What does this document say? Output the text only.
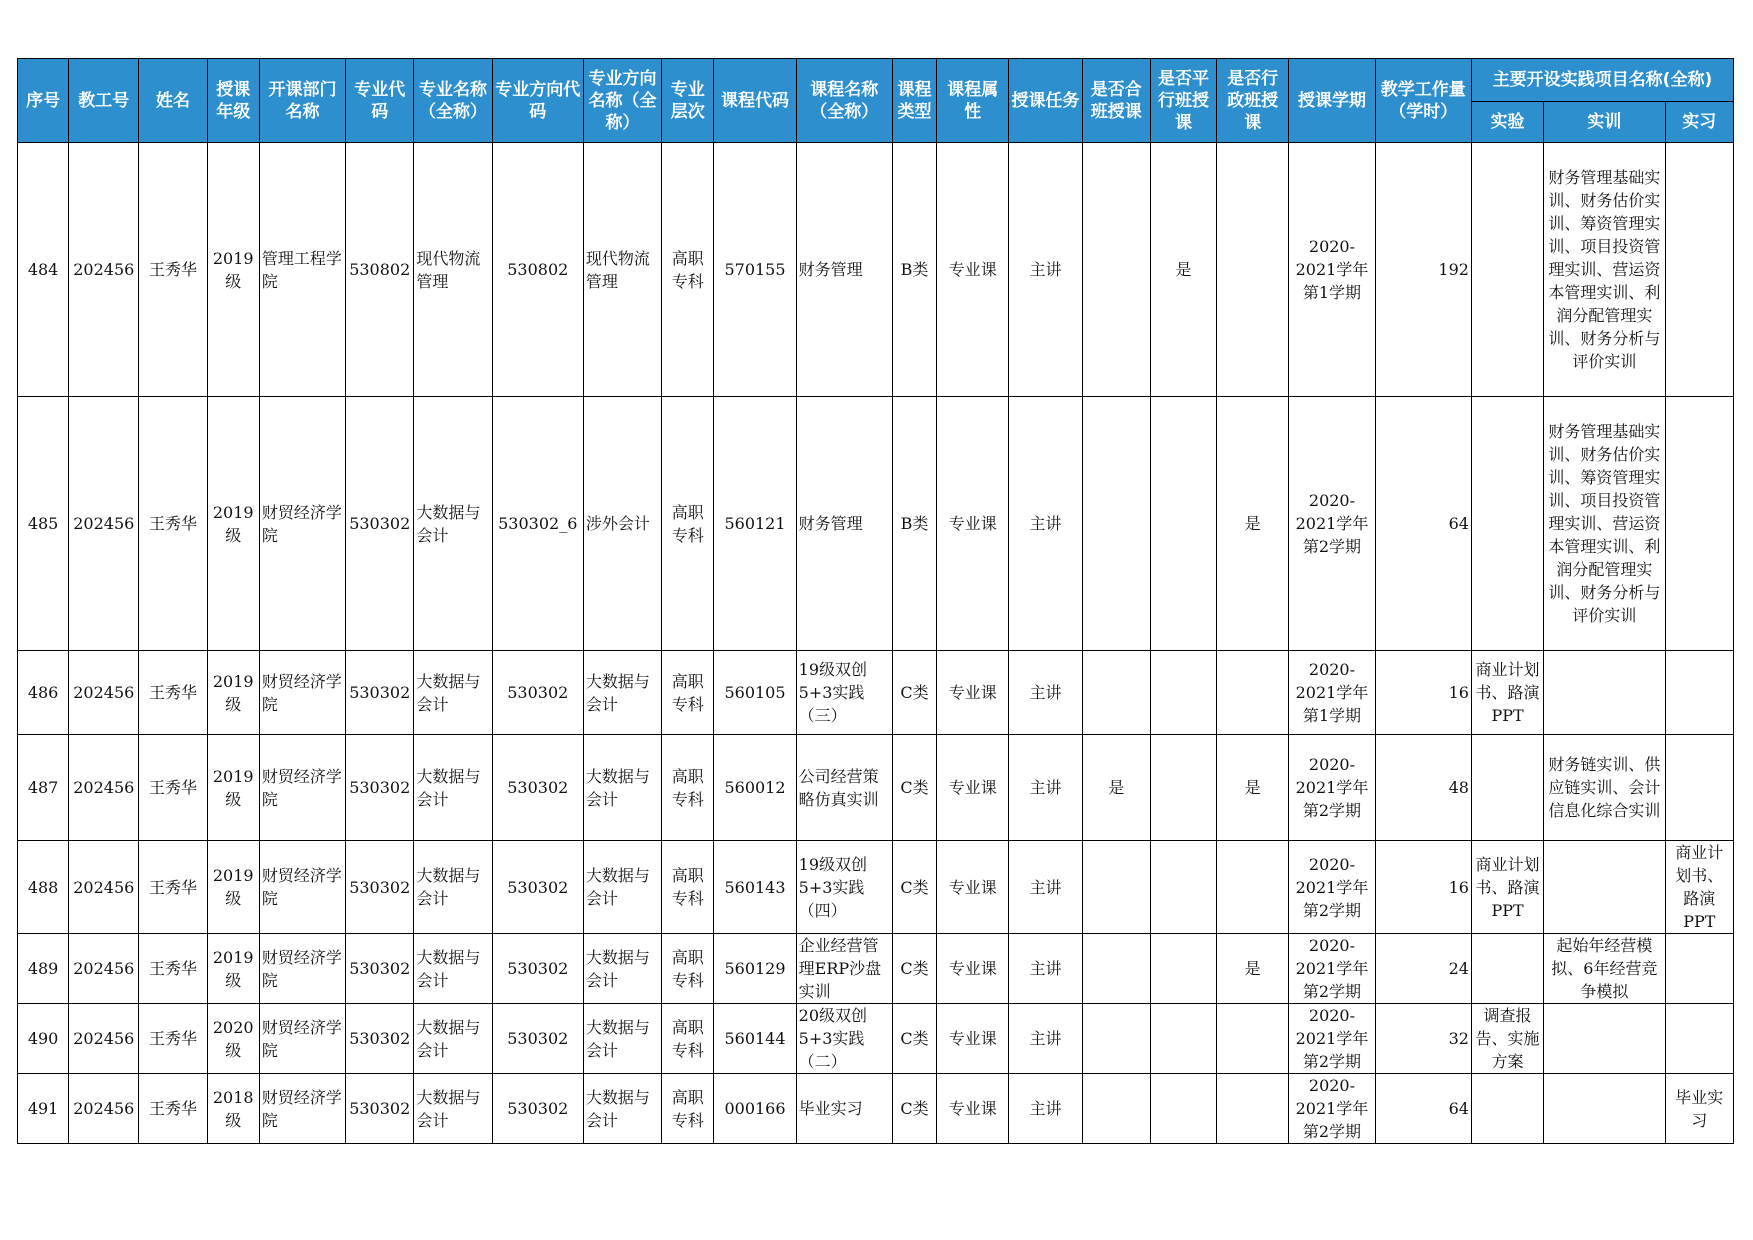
序号	教工号	姓名	授课年级	开课部门名称	专业代码	专业名称（全称）	专业方向代码	专业方向名称（全称）	专业层次	课程代码	课程名称（全称）	课程类型	课程属性	授课任务	是否合班授课	是否平行班授课	是否行政班授课	授课学期	教学工作量（学时）	主要开设实践项目名称(全称)		
																				实验	实训	实习
484	202456	王秀华	2019级	管理工程学院	530802	现代物流管理	530802	现代物流管理	高职专科	570155	财务管理	B类	专业课	主讲		是		2020-2021学年第1学期	192		财务管理基础实训、财务估价实训、筹资管理实训、项目投资管理实训、营运资本管理实训、利润分配管理实训、财务分析与评价实训	
485	202456	王秀华	2019级	财贸经济学院	530302	大数据与会计	530302_6	涉外会计	高职专科	560121	财务管理	B类	专业课	主讲			是	2020-2021学年第2学期	64		财务管理基础实训、财务估价实训、筹资管理实训、项目投资管理实训、营运资本管理实训、利润分配管理实训、财务分析与评价实训	
486	202456	王秀华	2019级	财贸经济学院	530302	大数据与会计	530302	大数据与会计	高职专科	560105	19级双创5+3实践（三）	C类	专业课	主讲				2020-2021学年第1学期	16	商业计划书、路演PPT		
487	202456	王秀华	2019级	财贸经济学院	530302	大数据与会计	530302	大数据与会计	高职专科	560012	公司经营策略仿真实训	C类	专业课	主讲	是		是	2020-2021学年第2学期	48		财务链实训、供应链实训、会计信息化综合实训	
488	202456	王秀华	2019级	财贸经济学院	530302	大数据与会计	530302	大数据与会计	高职专科	560143	19级双创5+3实践（四）	C类	专业课	主讲				2020-2021学年第2学期	16	商业计划书、路演PPT		商业计划书、路演PPT
489	202456	王秀华	2019级	财贸经济学院	530302	大数据与会计	530302	大数据与会计	高职专科	560129	企业经营管理ERP沙盘实训	C类	专业课	主讲			是	2020-2021学年第2学期	24		起始年经营模拟、6年经营竞争模拟	
490	202456	王秀华	2020级	财贸经济学院	530302	大数据与会计	530302	大数据与会计	高职专科	560144	20级双创5+3实践（二）	C类	专业课	主讲				2020-2021学年第2学期	32	调查报告、实施方案		
491	202456	王秀华	2018级	财贸经济学院	530302	大数据与会计	530302	大数据与会计	高职专科	000166	毕业实习	C类	专业课	主讲				2020-2021学年第2学期	64			毕业实习
